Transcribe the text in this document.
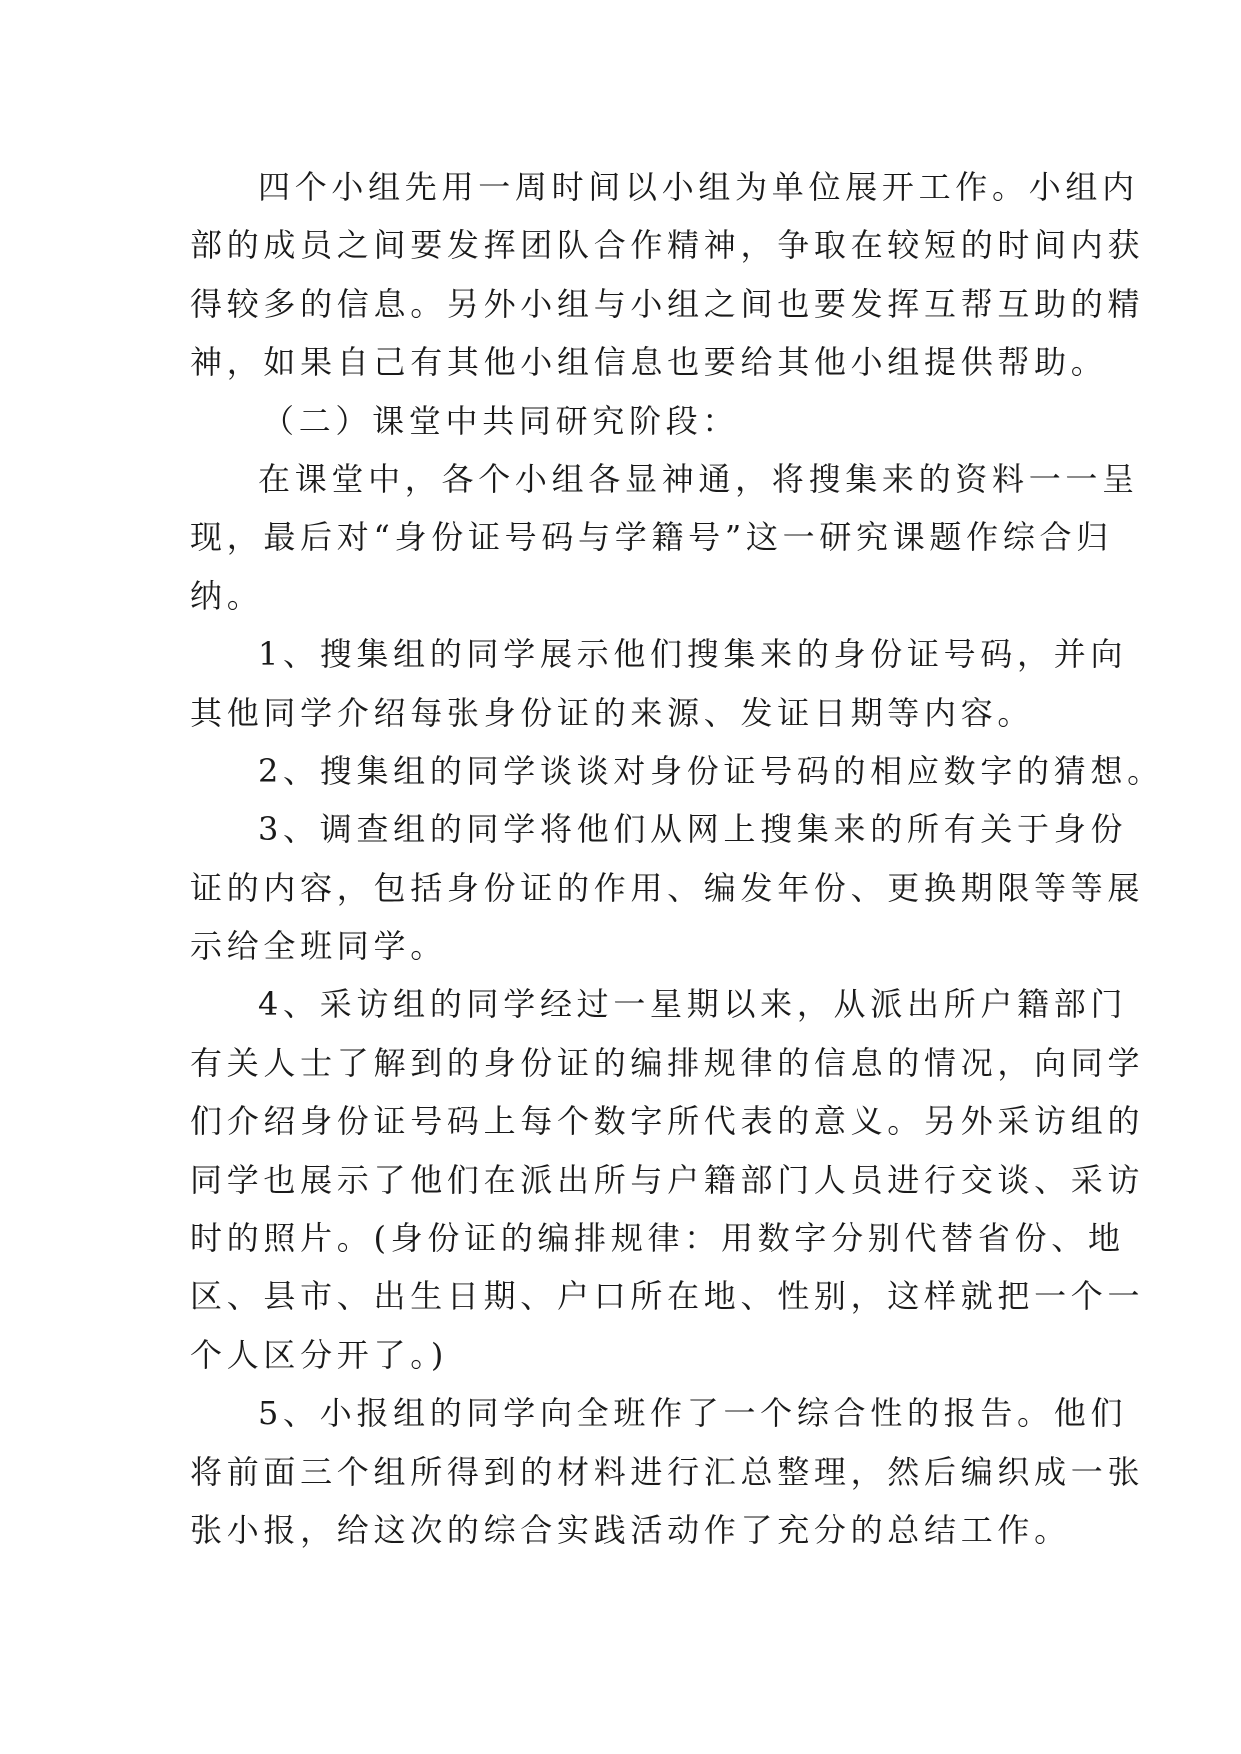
四个小组先用一周时间以小组为单位展开工作。小组内
部的成员之间要发挥团队合作精神，争取在较短的时间内获
得较多的信息。另外小组与小组之间也要发挥互帮互助的精
神，如果自己有其他小组信息也要给其他小组提供帮助。
（二）课堂中共同研究阶段：
在课堂中，各个小组各显神通，将搜集来的资料一一呈
现，最后对“身份证号码与学籍号”这一研究课题作综合归
纳。
1、搜集组的同学展示他们搜集来的身份证号码，并向
其他同学介绍每张身份证的来源、发证日期等内容。
2、搜集组的同学谈谈对身份证号码的相应数字的猜想。
3、调查组的同学将他们从网上搜集来的所有关于身份
证的内容，包括身份证的作用、编发年份、更换期限等等展
示给全班同学。
4、采访组的同学经过一星期以来，从派出所户籍部门
有关人士了解到的身份证的编排规律的信息的情况，向同学
们介绍身份证号码上每个数字所代表的意义。另外采访组的
同学也展示了他们在派出所与户籍部门人员进行交谈、采访
时的照片。(身份证的编排规律：用数字分别代替省份、地
区、县市、出生日期、户口所在地、性别，这样就把一个一
个人区分开了。)
5、小报组的同学向全班作了一个综合性的报告。他们
将前面三个组所得到的材料进行汇总整理，然后编织成一张
张小报，给这次的综合实践活动作了充分的总结工作。
